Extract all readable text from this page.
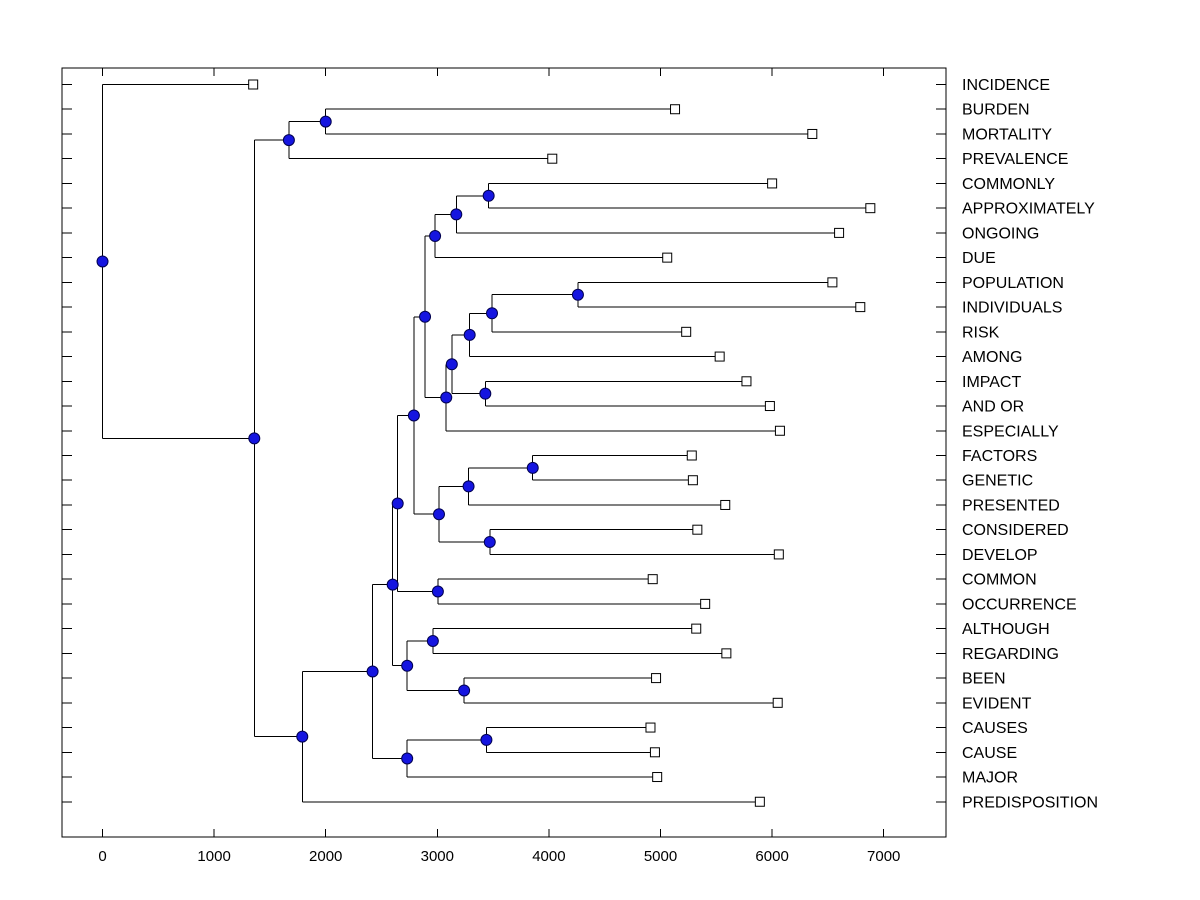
0	1000	2000	3000	4000	5000	6000	7000
INCIDENCE
BURDEN
MORTALITY
PREVALENCE
COMMONLY
APPROXIMATELY
ONGOING
DUE
POPULATION
INDIVIDUALS
RISK
AMONG
IMPACT
AND OR
ESPECIALLY
FACTORS
GENETIC
PRESENTED
CONSIDERED
DEVELOP
COMMON
OCCURRENCE
ALTHOUGH
REGARDING
BEEN
EVIDENT
CAUSES
CAUSE
MAJOR
PREDISPOSITION
